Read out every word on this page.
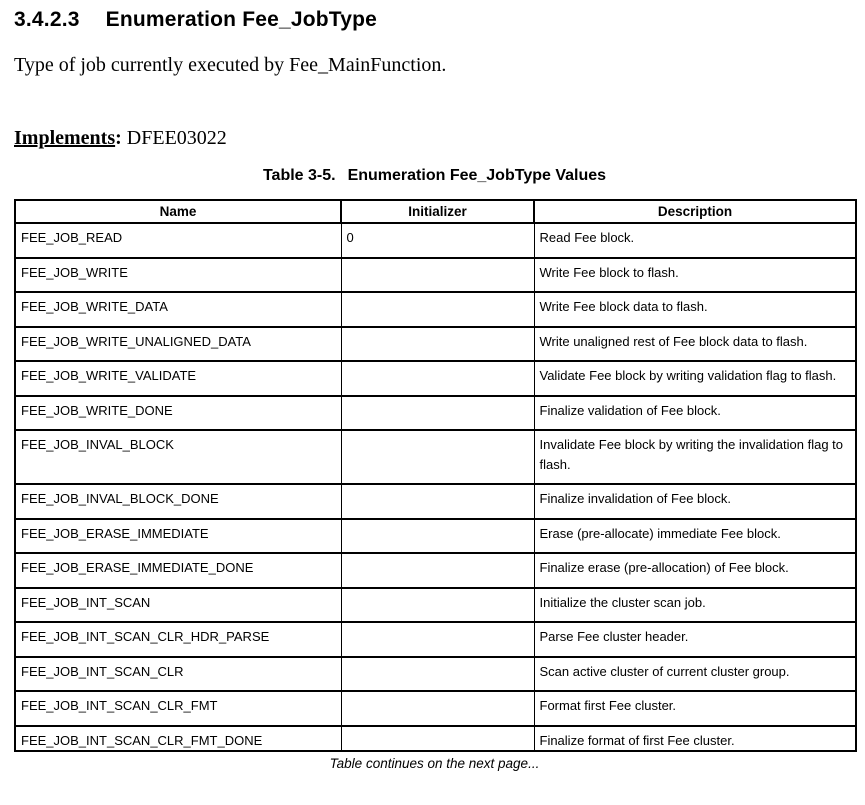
3.4.2.3 Enumeration Fee_JobType

Type of job currently executed by Fee_MainFunction.

Implements: DFEE03022

Table 3-5. Enumeration Fee_JobType Values
Name	Initializer	Description
FEE_JOB_READ	0	Read Fee block.
FEE_JOB_WRITE		Write Fee block to flash.
FEE_JOB_WRITE_DATA		Write Fee block data to flash.
FEE_JOB_WRITE_UNALIGNED_DATA		Write unaligned rest of Fee block data to flash.
FEE_JOB_WRITE_VALIDATE		Validate Fee block by writing validation flag to flash.
FEE_JOB_WRITE_DONE		Finalize validation of Fee block.
FEE_JOB_INVAL_BLOCK		Invalidate Fee block by writing the invalidation flag to flash.
FEE_JOB_INVAL_BLOCK_DONE		Finalize invalidation of Fee block.
FEE_JOB_ERASE_IMMEDIATE		Erase (pre-allocate) immediate Fee block.
FEE_JOB_ERASE_IMMEDIATE_DONE		Finalize erase (pre-allocation) of Fee block.
FEE_JOB_INT_SCAN		Initialize the cluster scan job.
FEE_JOB_INT_SCAN_CLR_HDR_PARSE		Parse Fee cluster header.
FEE_JOB_INT_SCAN_CLR		Scan active cluster of current cluster group.
FEE_JOB_INT_SCAN_CLR_FMT		Format first Fee cluster.
FEE_JOB_INT_SCAN_CLR_FMT_DONE		Finalize format of first Fee cluster.
Table continues on the next page...
